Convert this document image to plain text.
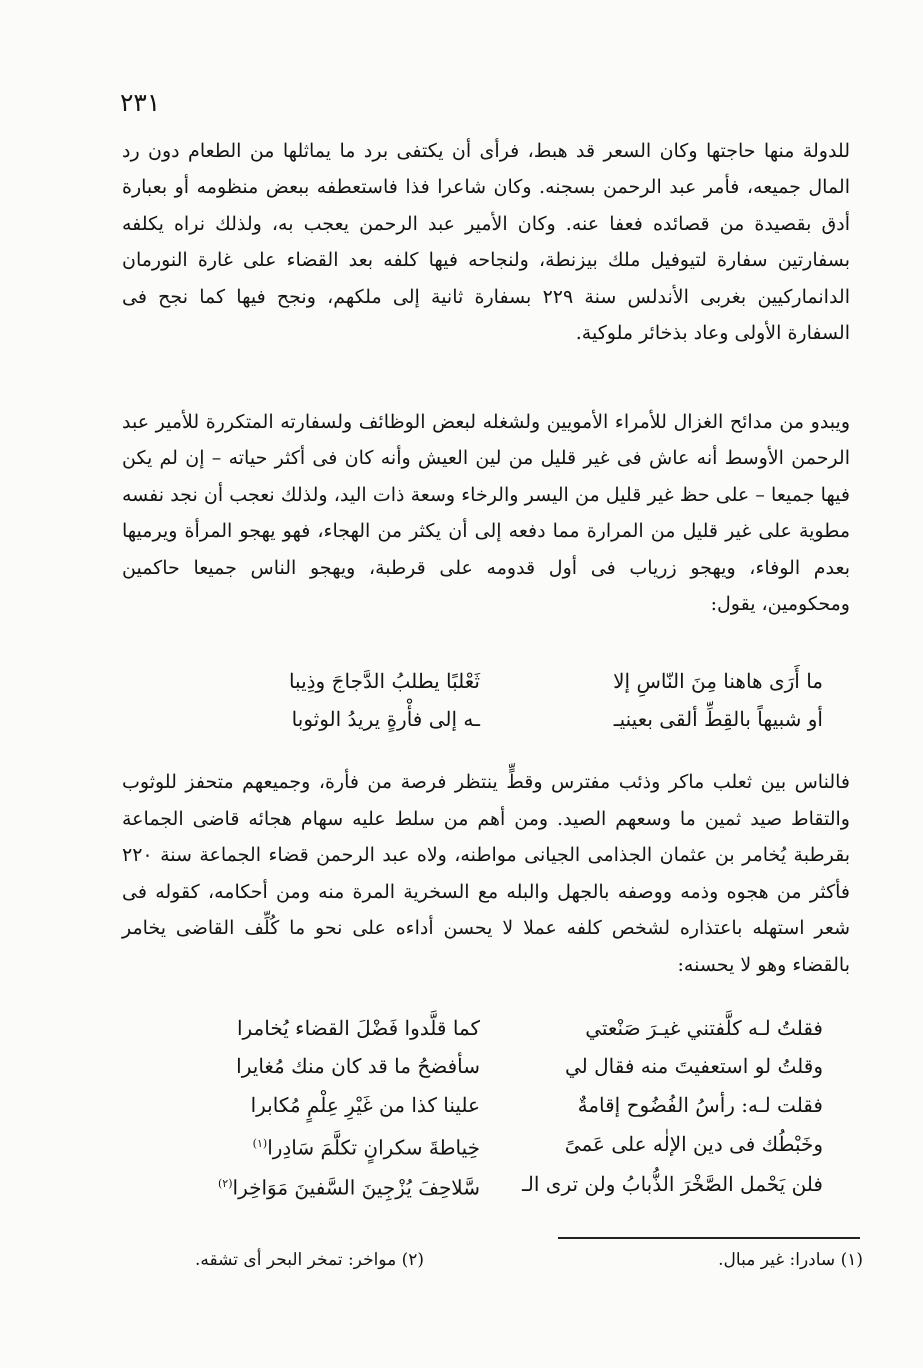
٢٣١

للدولة منها حاجتها وكان السعر قد هبط، فرأى أن يكتفى برد ما يماثلها من الطعام دون رد المال جميعه، فأمر عبد الرحمن بسجنه. وكان شاعرا فذا فاستعطفه ببعض منظومه أو بعبارة أدق بقصيدة من قصائده فعفا عنه. وكان الأمير عبد الرحمن يعجب به، ولذلك نراه يكلفه بسفارتين سفارة لتيوفيل ملك بيزنطة، ولنجاحه فيها كلفه بعد القضاء على غارة النورمان الدانماركيين بغربى الأندلس سنة ٢٢٩ بسفارة ثانية إلى ملكهم، ونجح فيها كما نجح فى السفارة الأولى وعاد بذخائر ملوكية.

ويبدو من مدائح الغزال للأمراء الأمويين ولشغله لبعض الوظائف ولسفارته المتكررة للأمير عبد الرحمن الأوسط أنه عاش فى غير قليل من لين العيش وأنه كان فى أكثر حياته – إن لم يكن فيها جميعا – على حظ غير قليل من اليسر والرخاء وسعة ذات اليد، ولذلك نعجب أن نجد نفسه مطوية على غير قليل من المرارة مما دفعه إلى أن يكثر من الهجاء، فهو يهجو المرأة ويرميها بعدم الوفاء، ويهجو زرياب فى أول قدومه على قرطبة، ويهجو الناس جميعا حاكمين ومحكومين، يقول:

ما أَرَى هاهنا مِنَ النّاسِ إلا
ثَعْلبًا يطلبُ الدَّجاجَ وذِيبا
أو شبيهاً بالقِطِّ ألقى بعينيـ
ـه إلى فأْرةٍ يريدُ الوثوبا

فالناس بين ثعلب ماكر وذئب مفترس وقطٍّ ينتظر فرصة من فأرة، وجميعهم متحفز للوثوب والتقاط صيد ثمين ما وسعهم الصيد. ومن أهم من سلط عليه سهام هجائه قاضى الجماعة بقرطبة يُخامر بن عثمان الجذامى الجيانى مواطنه، ولاه عبد الرحمن قضاء الجماعة سنة ٢٢٠ فأكثر من هجوه وذمه ووصفه بالجهل والبله مع السخرية المرة منه ومن أحكامه، كقوله فى شعر استهله باعتذاره لشخص كلفه عملا لا يحسن أداءه على نحو ما كُلِّف القاضى يخامر بالقضاء وهو لا يحسنه:

فقلتُ لـه كلَّفتني غيـرَ صَنْعتي
كما قلَّدوا فَضْلَ القضاء يُخامرا
وقلتُ لو استعفيتَ منه فقال لي
سأفضحُ ما قد كان منك مُغايرا
فقلت لـه: رأسُ الفُضُوح إقامةٌ
علينا كذا من غَيْرِ عِلْمٍ مُكابرا
وخَبْطُك فى دين الإلٰه على عَمىً
خِياطةَ سكرانٍ تكلَّمَ سَادِرا$^{(١)}$
فلن يَحْمل الصَّخْرَ الذُّبابُ ولن ترى الـ
سَّلاحِفَ يُزْجِينَ السَّفينَ مَوَاخِرا$^{(٢)}$
(١) سادرا: غير مبال.
(٢) مواخر: تمخر البحر أى تشقه.
